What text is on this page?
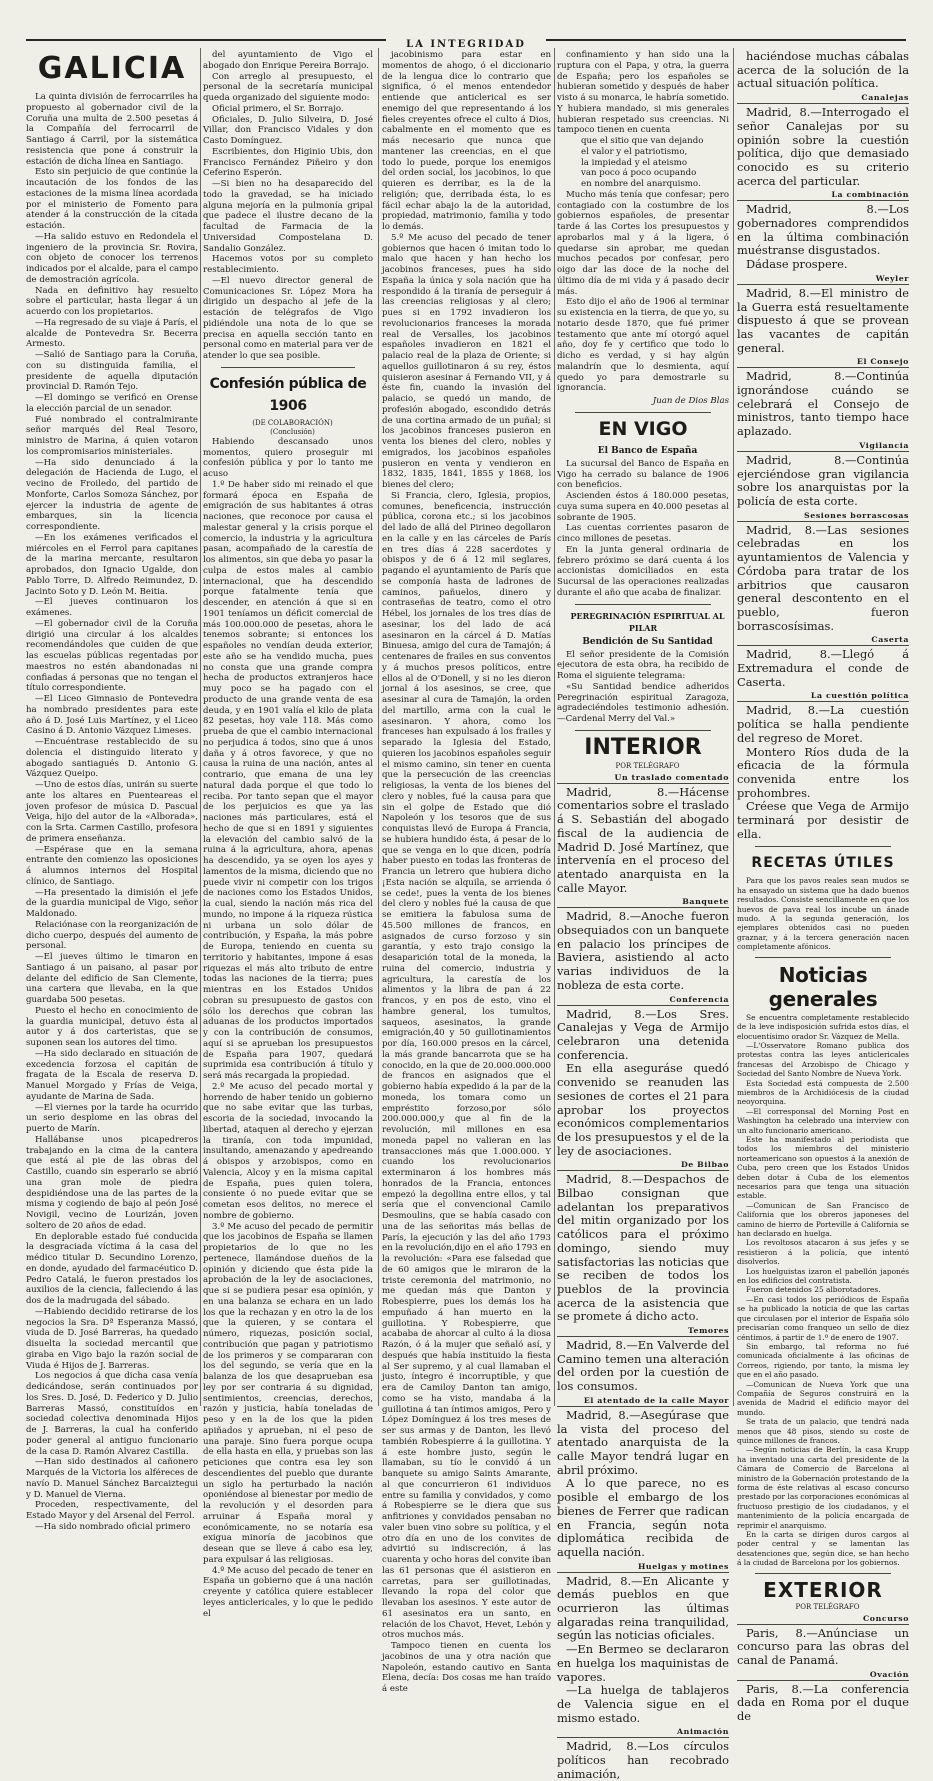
LA INTEGRIDAD
GALICIA

La quinta división de ferrocarriles ha propuesto al gobernador civil de la Coruña una multa de 2.500 pesetas á la Compañía del ferrocarril de Santiago á Carril, por la sistemática resistencia que pone á construir la estación de dicha línea en Santiago.

Esto sin perjuicio de que continúe la incautación de los fondos de las estaciones de la misma línea acordada por el ministerio de Fomento para atender á la construcción de la citada estación.

—Ha salido estuvo en Redondela el ingeniero de la provincia Sr. Rovira, con objeto de conocer los terrenos indicados por el alcalde, para el campo de demostración agrícola.

Nada en definitivo hay resuelto sobre el particular, hasta llegar á un acuerdo con los propietarios.

—Ha regresado de su viaje á París, el alcalde de Pontevedra Sr. Becerra Armesto.

—Salió de Santiago para la Coruña, con su distinguida familia, el presidente de aquella diputación provincial D. Ramón Tejo.

—El domingo se verificó en Orense la elección parcial de un senador.

Fué nombrado el contralmirante señor marqués del Real Tesoro, ministro de Marina, á quien votaron los compromisarios ministeriales.

—Ha sido denunciado á la delegación de Hacienda de Lugo, el vecino de Froiledo, del partido de Monforte, Carlos Somoza Sánchez, por ejercer la industria de agente de embarques, sin la licencia correspondiente.

—En los exámenes verificados el miércoles en el Ferrol para capitanes de la marina mercante, resultaron aprobados, don Ignacio Ugalde, don Pablo Torre, D. Alfredo Reimundez, D. Jacinto Soto y D. León M. Beitia.

—El jueves continuaron los exámenes.

—El gobernador civil de la Coruña dirigió una circular á los alcaldes recomendándoles que cuiden de que las escuelas públicas regentadas por maestros no estén abandonadas ni confiadas á personas que no tengan el título correspondiente.

—El Liceo Gimnasio de Pontevedra ha nombrado presidentes para este año á D. José Luis Martínez, y el Liceo Casino á D. Antonio Vázquez Limeses.

—Encuéntrase restablecido de su dolencia el distinguido literato y abogado santiagués D. Antonio G. Vázquez Queipo.

—Uno de estos días, unirán su suerte ante los altares en Puenteareas el joven profesor de música D. Pascual Veiga, hijo del autor de la «Alborada», con la Srta. Carmen Castillo, profesora de primera enseñanza.

—Espérase que en la semana entrante den comienzo las oposiciones á alumnos internos del Hospital clínico, de Santiago.

—Ha presentado la dimisión el jefe de la guardia municipal de Vigo, señor Maldonado.

Relaciónase con la reorganización de dicho cuerpo, después del aumento de personal.

—El jueves último le timaron en Santiago á un paisano, al pasar por delante del edificio de San Clemente, una cartera que llevaba, en la que guardaba 500 pesetas.

Puesto el hecho en conocimiento de la guardia municipal, detuvo ésta al autor y á dos carteristas, que se suponen sean los autores del timo.

—Ha sido declarado en situación de excedencia forzosa el capitán de fragata de la Escala de reserva D. Manuel Morgado y Frías de Veiga, ayudante de Marina de Sada.

—El viernes por la tarde ha ocurrido un serio desplome en las obras del puerto de Marín.

Hallábanse unos picapedreros trabajando en la cima de la cantera que está al pie de las obras del Castillo, cuando sin esperarlo se abrió una gran mole de piedra despidiéndose una de las partes de la misma y cogiendo de bajo al peón José Novigil, vecino de Lourizán, joven soltero de 20 años de edad.

En deplorable estado fué conducida la desgraciada víctima á la casa del médico titular D. Secundino Lorenzo, en donde, ayudado del farmacéutico D. Pedro Catalá, le fueron prestados los auxilios de la ciencia, falleciendo á las dos de la madrugada del sábado.

—Habiendo decidido retirarse de los negocios la Sra. Dª Esperanza Massó, viuda de D. José Barreras, ha quedado disuelta la sociedad mercantil que giraba en Vigo bajo la razón social de Viuda é Hijos de J. Barreras.

Los negocios á que dicha casa venía dedicándose, serán continuados por los Sres. D. José, D. Federico y D. Julio Barreras Massó, constituídos en sociedad colectiva denominada Hijos de J. Barreras, la cual ha conferido poder general al antiguo funcionario de la casa D. Ramón Alvarez Castilla.

—Han sido destinados al cañonero Marqués de la Victoria los alféreces de navío D. Manuel Sánchez Barcaiztegui y D. Manuel de Vierna.

Proceden, respectivamente, del Estado Mayor y del Arsenal del Ferrol.

—Ha sido nombrado oficial primero

del ayuntamiento de Vigo el abogado don Enrique Pereira Borrajo.

Con arreglo al presupuesto, el personal de la secretaría municipal queda organizado del siguiente modo:

Oficial primero, el Sr. Borrajo.

Oficiales, D. Julio Silveira, D. José Villar, don Francisco Vidales y don Casto Domínguez.

Escribientes, don Higinio Ubis, don Francisco Fernández Piñeiro y don Ceferino Esperón.

—Si bien no ha desaparecido del todo la gravedad, se ha iniciado alguna mejoría en la pulmonía gripal que padece el ilustre decano de la facultad de Farmacia de la Universidad Compostelana D. Sandalio González.

Hacemos votos por su completo restablecimiento.

—El nuevo director general de Comunicaciones Sr. López Mora ha dirigido un despacho al jefe de la estación de telégrafos de Vigo pidiéndole una nota de lo que se precisa en aquella sección tanto en personal como en material para ver de atender lo que sea posible.

Confesión pública de 1906

(DE COLABORACIÓN)

(Conclusión)

Habiendo descansado unos momentos, quiero proseguir mi confesión pública y por lo tanto me acuso

1.º De haber sido mi reinado el que formará época en España de emigración de sus habitantes á otras naciones, que reconoce por causa el malestar general y la crisis porque el comercio, la industria y la agricultura pasan, acompañado de la carestía de los alimentos, sin que deba yo pasar la culpa de estos males al cambio internacional, que ha descendido porque fatalmente tenía que descender, en atención á que si en 1901 teníamos un déficit comercial de más 100.000.000 de pesetas, ahora le tenemos sobrante; si entonces los españoles no vendían deuda exterior, este año se ha vendido mucha, pues no consta que una grande compra hecha de productos extranjeros hace muy poco se ha pagado con el producto de una grande venta de esa deuda, y en 1901 valía el kilo de plata 82 pesetas, hoy vale 118. Más como prueba de que el cambio internacional no perjudica á todos, sino que á unos daña y á otros favorece, y que no causa la ruina de una nación, antes al contrario, que emana de una ley natural dada porque el que todo lo reciba. Por tanto sepan que el mayor de los perjuicios es que ya las naciones más particulares, está el hecho de que si en 1891 y siguientes la elevación del cambio salvó de la ruina á la agricultura, ahora, apenas ha descendido, ya se oyen los ayes y lamentos de la misma, diciendo que no puede vivir ni competir con los trigos de naciones como los Estados Unidos, la cual, siendo la nación más rica del mundo, no impone á la riqueza rústica ni urbana un solo dólar de contribución, y España, la más pobre de Europa, teniendo en cuenta su territorio y habitantes, impone á esas riquezas el más alto tributo de entre todas las naciones de la tierra; pues mientras en los Estados Unidos cobran su presupuesto de gastos con sólo los derechos que cobran las aduanas de los productos importados y con la contribución de consumos, aquí si se aprueban los presupuestos de España para 1907, quedará suprimida esa contribución á título y será más recargada la propiedad.

2.º Me acuso del pecado mortal y horrendo de haber tenido un gobierno que no sabe evitar que las turbas, escoria de la sociedad, invocando la libertad, ataquen al derecho y ejerzan la tiranía, con toda impunidad, insultando, amenazando y apedreando á obispos y arzobispos, como en Valencia, Alcoy y en la misma capital de España, pues quien tolera, consiente ó no puede evitar que se cometan esos delitos, no merece el nombre de gobierno.

3.º Me acuso del pecado de permitir que los jacobinos de España se llamen propietarios de lo que no les pertenece, llamándose dueños de la opinión y diciendo que ésta pide la aprobación de la ley de asociaciones, que si se pudiera pesar esa opinión, y en una balanza se echara en un lado los que la rechazan y en otro la de los que la quieren, y se contara el número, riquezas, posición social, contribución que pagan y patriotismo de los primeros y se compararan con los del segundo, se vería que en la balanza de los que desaprueban esa ley por ser contraria á su dignidad, sentimientos, creencias, derechos, razón y justicia, había toneladas de peso y en la de los que la piden apiñados y aprueban, ni el peso de una paraje. Sino fuera porque ocupa de ella hasta en ella, y pruebas son las peticiones que contra esa ley son descendientes del pueblo que durante un siglo ha perturbado la nación oponiéndose al bienestar por medio de la revolución y el desorden para arruinar á España moral y económicamente, no se notaría esa exigua minoría de jacobinos que desean que se lleve á cabo esa ley, para expulsar á las religiosas.

4.º Me acuso del pecado de tener en España un gobierno que á una nación creyente y católica quiere establecer leyes anticlericales, y lo que le pedido el

jacobinismo para estar en momentos de ahogo, ó el diccionario de la lengua dice lo contrario que significa, ó el menos entendedor entiende que anticlerical es ser enemigo del que representando á los fieles creyentes ofrece el culto á Dios, cabalmente en el momento que es más necesario que nunca que mantener las creencias, en el que todo lo puede, porque los enemigos del orden social, los jacobinos, lo que quieren es derribar, es la de la religión; que, derribada ésta, lo es fácil echar abajo la de la autoridad, propiedad, matrimonio, familia y todo lo demás.

5.º Me acuso del pecado de tener gobiernos que hacen ó imitan todo lo malo que hacen y han hecho los jacobinos franceses, pues ha sido España la única y sola nación que ha respondido á la tiranía de perseguir á las creencias religiosas y al clero; pues si en 1792 invadieron los revolucionarios franceses la morada real de Versalles, los jacobinos españoles invadieron en 1821 el palacio real de la plaza de Oriente; si aquellos guillotinaron á su rey, éstos quisieron asesinar á Fernando VII, y á éste fin, cuando la invasión del palacio, se quedó un mando, de profesión abogado, escondido detrás de una cortina armado de un puñal; si los jacobinos franceses pusieron en venta los bienes del clero, nobles y emigrados, los jacobinos españoles pusieron en venta y vendieron en 1832, 1835, 1841, 1855 y 1868, los bienes del clero;

Si Francia, clero, Iglesia, propios, comunes, beneficencia, instrucción pública, corona etc.; si los jacobinos del lado de allá del Pirineo degollaron en la calle y en las cárceles de París en tres días á 228 sacerdotes y obispos y de 6 á 12 mil seglares, pagando el ayuntamiento de París que se componía hasta de ladrones de caminos, pañuelos, dinero y contraseñas de teatro, como el otro Hébel, los jornales de los tres días de asesinar, los del lado de acá asesinaron en la cárcel á D. Matías Binuesa, amigo del cura de Tamajón; á centenares de frailes en sus conventos y á muchos presos políticos, entre ellos al de O'Donell, y si no les dieron jornal á los asesinos, se cree, que asesinar al cura de Tamajón, la orden del martillo, arma con la cual le asesinaron. Y ahora, como los franceses han expulsado á los frailes y separado la Iglesia del Estado, quieren los jacobinos españoles seguir el mismo camino, sin tener en cuenta que la persecución de las creencias religiosas, la venta de los bienes del clero y nobles, fué la causa para que sin el golpe de Estado que dió Napoleón y los tesoros que de sus conquistas llevó de Europa á Francia, se hubiera hundido ésta, á pesar de lo que se venga en lo que dicen, podría haber puesto en todas las fronteras de Francia un letrero que hubiera dicho ¡Esta nación se alquila, se arrienda ó se cede!, pues la venta de los bienes del clero y nobles fué la causa de que se emitiera la fabulosa suma de 45.500 millones de francos, en asignados de curso forzoso y sin garantía, y esto trajo consigo la desaparición total de la moneda, la ruina del comercio, industria y agricultura, la carestía de los alimentos y la libra de pan á 22 francos, y en pos de esto, vino el hambre general, los tumultos, saqueos, asesinatos, la grande emigración,40 y 50 guillotinamientos por día, 160.000 presos en la cárcel, la más grande bancarrota que se ha conocido, en la que de 20.000.000.000 de francos en asignados que el gobierno había expedido á la par de la moneda, los tomara como un empréstito forzoso,por sólo 200.000.000,y que al fin de la revolución, mil millones en esa moneda papel no valieran en las transacciones más que 1.000.000. Y cuando los revolucionarios exterminaron á los hombres más honrados de la Francia, entonces empezó la degollina entre ellos, y tal sería que el convencional Camilo Desmoulins, que se había casado con una de las señoritas más bellas de París, la ejecución y las del año 1793 en la revolución,dijo en el año 1793 en la revolución: «Para ese falsedad que de 60 amigos que le miraron de la triste ceremonia del matrimonio, no me quedan más que Danton y Robespierre, pues los demás los ha empuñado á han muerto en la guillotina. Y Robespierre, que acababa de ahorcar al culto á la diosa Razón, ó á la mujer que señaló así, y después que había instituido la fiesta al Ser supremo, y al cual llamaban el justo, íntegro é incorruptible, y que era de Camiloy Danton tan amigo, como se ha visto, mandaba á la guillotina á tan íntimos amigos, Pero y López Domínguez á los tres meses de ser sus armas y de Danton, les llevó también Robespierre á la guillotina. Y á este hombre justo, según le llamaban, su tío le convidó á un banquete su amigo Saints Amarante, al que concurrieron 61 individuos entre su familia y convidados, y como á Robespierre se le diera que sus anfitriones y convidados pensaban no valer buen vino sobre su política, y el otro día en uno de los convites de advirtió su indiscreción, á las cuarenta y ocho horas del convite iban las 61 personas que él asistieron en carretas, para ser guillotinadas, llevando la ropa del color que llevaban los asesinos. Y este autor de 61 asesinatos era un santo, en relación de los Chavot, Hevet, Lebón y otros muchos más.

Tampoco tienen en cuenta los jacobinos de una y otra nación que Napoleón, estando cautivo en Santa Elena, decía: Dos cosas me han traído á este

confinamiento y han sido una la ruptura con el Papa, y otra, la guerra de España; pero los españoles se hubieran sometido y después de haber visto á su monarca, le habría sometido. Y hubiera mandado, si mis generales hubieran respetado sus creencias. Ni tampoco tienen en cuenta

que el sitio que van dejando

el valor y el patriotismo,

la impiedad y el ateismo

van poco á poco ocupando

en nombre del anarquismo.

Mucho más tenía que confesar; pero contagiado con la costumbre de los gobiernos españoles, de presentar tarde á las Cortes los presupuestos y aprobarlos mal y á la ligera, ó quedarse sin aprobar, me quedan muchos pecados por confesar, pero oigo dar las doce de la noche del último día de mi vida y á pasado decir más.

Esto dijo el año de 1906 al terminar su existencia en la tierra, de que yo, su notario desde 1870, que fué primer testamento que ante mí otorgó aquel año, doy fe y certifico que todo lo dicho es verdad, y si hay algún malandrín que lo desmienta, aquí quedo yo para demostrarle su ignorancia.

Juan de Dios Blas

EN VIGO

El Banco de España

La sucursal del Banco de España en Vigo ha cerrado su balance de 1906 con beneficios.

Ascienden éstos á 180.000 pesetas, cuya suma supera en 40.000 pesetas al sobrante de 1905.

Las cuentas corrientes pasaron de cinco millones de pesetas.

En la junta general ordinaria de febrero próximo se dará cuenta á los accionistas domiciliados en esta Sucursal de las operaciones realizadas durante el año que acaba de finalizar.

PEREGRINACIÓN ESPIRITUAL AL PILAR

Bendición de Su Santidad

El señor presidente de la Comisión ejecutora de esta obra, ha recibido de Roma el siguiente telegrama:

«Su Santidad bendice adheridos Peregrinación espiritual Zaragoza, agradeciéndoles testimonio adhesión.—Cardenal Merry del Val.»

INTERIOR

POR TELÉGRAFO

Un traslado comentado

Madrid, 8.—Hácense comentarios sobre el traslado á S. Sebastián del abogado fiscal de la audiencia de Madrid D. José Martínez, que intervenía en el proceso del atentado anarquista en la calle Mayor.

Banquete

Madrid, 8.—Anoche fueron obsequiados con un banquete en palacio los príncipes de Baviera, asistiendo al acto varias individuos de la nobleza de esta corte.

Conferencia

Madrid, 8.—Los Sres. Canalejas y Vega de Armijo celebraron una detenida conferencia.

En ella aseguráse quedó convenido se reanuden las sesiones de cortes el 21 para aprobar los proyectos económicos complementarios de los presupuestos y el de la ley de asociaciones.

De Bilbao

Madrid, 8.—Despachos de Bilbao consignan que adelantan los preparativos del mitin organizado por los católicos para el próximo domingo, siendo muy satisfactorias las noticias que se reciben de todos los pueblos de la provincia acerca de la asistencia que se promete á dicho acto.

Temores

Madrid, 8.—En Valverde del Camino temen una alteración del orden por la cuestión de los consumos.

El atentado de la calle Mayor

Madrid, 8.—Asegúrase que la vista del proceso del atentado anarquista de la calle Mayor tendrá lugar en abril próximo.

A lo que parece, no es posible el embargo de los bienes de Ferrer que radican en Francia, según nota diplomática recibida de aquella nación.

Huelgas y motines

Madrid, 8.—En Alicante y demás pueblos en que ocurrieron las últimas algaradas reina tranquilidad, según las noticias oficiales.

—En Bermeo se declararon en huelga los maquinistas de vapores.

—La huelga de tablajeros de Valencia sigue en el mismo estado.

Animación

Madrid, 8.—Los círculos políticos han recobrado animación,

haciéndose muchas cábalas acerca de la solución de la actual situación política.

Canalejas

Madrid, 8.—Interrogado el señor Canalejas por su opinión sobre la cuestión política, dijo que demasiado conocido es su criterio acerca del particular.

La combinación

Madrid, 8.—Los gobernadores comprendidos en la última combinación muéstranse disgustados.

Dádase prospere.

Weyler

Madrid, 8.—El ministro de la Guerra está resueltamente dispuesto á que se provean las vacantes de capitán general.

El Consejo

Madrid, 8.—Continúa ignorándose cuándo se celebrará el Consejo de ministros, tanto tiempo hace aplazado.

Vigilancia

Madrid, 8.—Continúa ejerciéndose gran vigilancia sobre los anarquistas por la policía de esta corte.

Sesiones borrascosas

Madrid, 8.—Las sesiones celebradas en los ayuntamientos de Valencia y Córdoba para tratar de los arbitrios que causaron general descontento en el pueblo, fueron borrascosísimas.

Caserta

Madrid, 8.—Llegó á Extremadura el conde de Caserta.

La cuestión política

Madrid, 8.—La cuestión política se halla pendiente del regreso de Moret.

Montero Ríos duda de la eficacia de la fórmula convenida entre los prohombres.

Créese que Vega de Armijo terminará por desistir de ella.

RECETAS ÚTILES

Para que los pavos reales sean mudos se ha ensayado un sistema que ha dado buenos resultados. Consiste sencillamente en que los huevos de pava real los incube un ánade mudo. A la segunda generación, los ejemplares obtenidos casi no pueden graznar, y á la tercera generación nacen completamente afónicos.

Noticias generales

Se encuentra completamente restablecido de la leve indisposición sufrida estos días, el elocuentísimo orador Sr. Vázquez de Mella.

—L'Osservatore Romano publica dos protestas contra las leyes anticlericales francesas del Arzobispo de Chicago y Sociedad del Santo Nombre de Nueva York.

Esta Sociedad está compuesta de 2.500 miembros de la Archidiócesis de la ciudad neoyorquina.

—El corresponsal del Morning Post en Washington ha celebrado una interview con un alto funcionario americano.

Este ha manifestado al periodista que todos los miembros del ministerio norteamericano son opuestos á la anexión de Cuba, pero creen que los Estados Unidos deben dotar á Cuba de los elementos necesarios para que tenga una situación estable.

—Comunican de San Francisco de California que los obreros japoneses del camino de hierro de Porteville á California se han declarado en huelga.

Los revoltosos atacaron á sus jefes y se resistieron á la policía, que intentó disolverlos.

Los huelguistas izaron el pabellón japonés en los edificios del contratista.

Fueron detenidos 25 alborotadores.

—En casi todos los periódicos de España se ha publicado la noticia de que las cartas que circulasen por el interior de España sólo precisarían como franqueo un sello de diez céntimos, á partir de 1.º de enero de 1907.

Sin embargo, tal reforma no fué comunicada oficialmente á las oficinas de Correos, rigiendo, por tanto, la misma ley que en el año pasado.

—Comunican de Nueva York que una Compañía de Seguros construirá en la avenida de Madrid el edificio mayor del mundo.

Se trata de un palacio, que tendrá nada menos que 48 pisos, siendo su coste de quince millones de francos.

—Según noticias de Berlín, la casa Krupp ha inventado una carta del presidente de la Cámara de Comercio de Barcelona al ministro de la Gobernación protestando de la forma de éste relativas al escaso concurso prestado por las corporaciones económicas al fructuoso prestigio de los ciudadanos, y el mantenimiento de la policía encargada de reprimir el anarquismo.

En la carta se dirigen duros cargos al poder central y se lamentan las desatenciones que, según dice, se han hecho á la ciudad de Barcelona por los gobiernos.

EXTERIOR

POR TELÉGRAFO

Concurso

Paris, 8.—Anúnciase un concurso para las obras del canal de Panamá.

Ovación

Paris, 8.—La conferencia dada en Roma por el duque de
